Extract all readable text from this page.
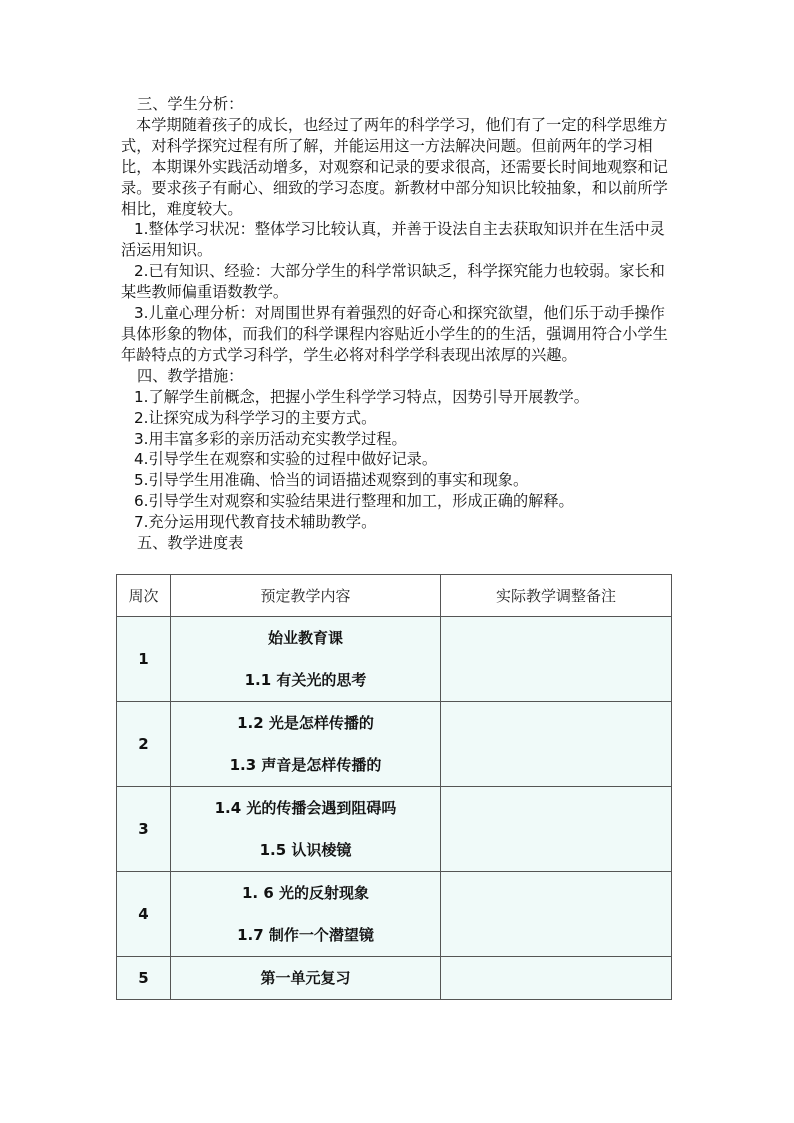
三、学生分析：

本学期随着孩子的成长，也经过了两年的科学学习，他们有了一定的科学思维方式，对科学探究过程有所了解，并能运用这一方法解决问题。但前两年的学习相比，本期课外实践活动增多，对观察和记录的要求很高，还需要长时间地观察和记录。要求孩子有耐心、细致的学习态度。新教材中部分知识比较抽象，和以前所学相比，难度较大。

1.整体学习状况：整体学习比较认真，并善于设法自主去获取知识并在生活中灵活运用知识。

2.已有知识、经验：大部分学生的科学常识缺乏，科学探究能力也较弱。家长和某些教师偏重语数教学。

3.儿童心理分析：对周围世界有着强烈的好奇心和探究欲望，他们乐于动手操作具体形象的物体，而我们的科学课程内容贴近小学生的的生活，强调用符合小学生年龄特点的方式学习科学，学生必将对科学学科表现出浓厚的兴趣。

四、教学措施：

1.了解学生前概念，把握小学生科学学习特点，因势引导开展教学。

2.让探究成为科学学习的主要方式。

3.用丰富多彩的亲历活动充实教学过程。

4.引导学生在观察和实验的过程中做好记录。

5.引导学生用准确、恰当的词语描述观察到的事实和现象。

6.引导学生对观察和实验结果进行整理和加工，形成正确的解释。

7.充分运用现代教育技术辅助教学。

五、教学进度表

周次	预定教学内容	实际教学调整备注
1	始业教育课
1.1 有关光的思考	

2	1.2 光是怎样传播的
1.3 声音是怎样传播的	

3	1.4 光的传播会遇到阻碍吗
1.5 认识棱镜	

4	1. 6 光的反射现象
1.7 制作一个潜望镜	

5	第一单元复习	
